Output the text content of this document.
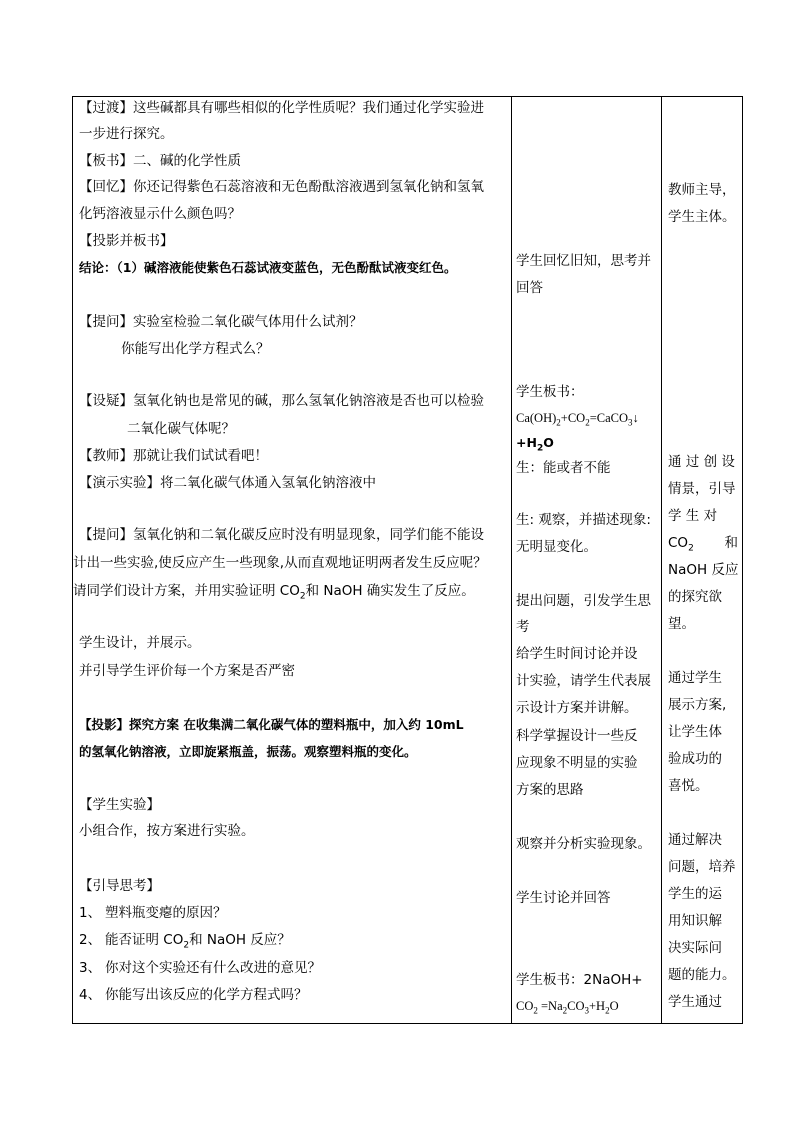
【过渡】这些碱都具有哪些相似的化学性质呢？我们通过化学实验进
一步进行探究。
【板书】二、碱的化学性质
【回忆】你还记得紫色石蕊溶液和无色酚酞溶液遇到氢氧化钠和氢氧
化钙溶液显示什么颜色吗？
【投影并板书】
结论：（1）碱溶液能使紫色石蕊试液变蓝色，无色酚酞试液变红色。
【提问】实验室检验二氧化碳气体用什么试剂？
你能写出化学方程式么？
【设疑】氢氧化钠也是常见的碱，那么氢氧化钠溶液是否也可以检验
二氧化碳气体呢？
【教师】那就让我们试试看吧！
【演示实验】将二氧化碳气体通入氢氧化钠溶液中
【提问】氢氧化钠和二氧化碳反应时没有明显现象，同学们能不能设
计出一些实验,使反应产生一些现象,从而直观地证明两者发生反应呢？
请同学们设计方案，并用实验证明 $CO_2$和 NaOH 确实发生了反应。
学生设计，并展示。
并引导学生评价每一个方案是否严密
【投影】探究方案 在收集满二氧化碳气体的塑料瓶中，加入约 10mL
的氢氧化钠溶液，立即旋紧瓶盖，振荡。观察塑料瓶的变化。
【学生实验】
小组合作，按方案进行实验。
【引导思考】
1、 塑料瓶变瘪的原因？
2、 能否证明 $CO_2$和 NaOH 反应？
3、 你对这个实验还有什么改进的意见？
4、 你能写出该反应的化学方程式吗？
学生回忆旧知，思考并
回答
学生板书：
$Ca(OH)_2+CO_2=CaCO_3↓$
$+H_2O$
生：能或者不能
生: 观察，并描述现象:
无明显变化。
提出问题，引发学生思
考
给学生时间讨论并设
计实验，请学生代表展
示设计方案并讲解。
科学掌握设计一些反
应现象不明显的实验
方案的思路
观察并分析实验现象。
学生讨论并回答
学生板书：2NaOH+
$CO_2 =Na_2CO_3+H_2O$
教师主导，
学生主体。
通 过 创 设
情景，引导
学 生 对
$CO_2$ 和
NaOH 反应
的探究欲
望。
通过学生
展示方案,
让学生体
验成功的
喜悦。
通过解决
问题，培养
学生的运
用知识解
决实际问
题的能力。
学生通过
